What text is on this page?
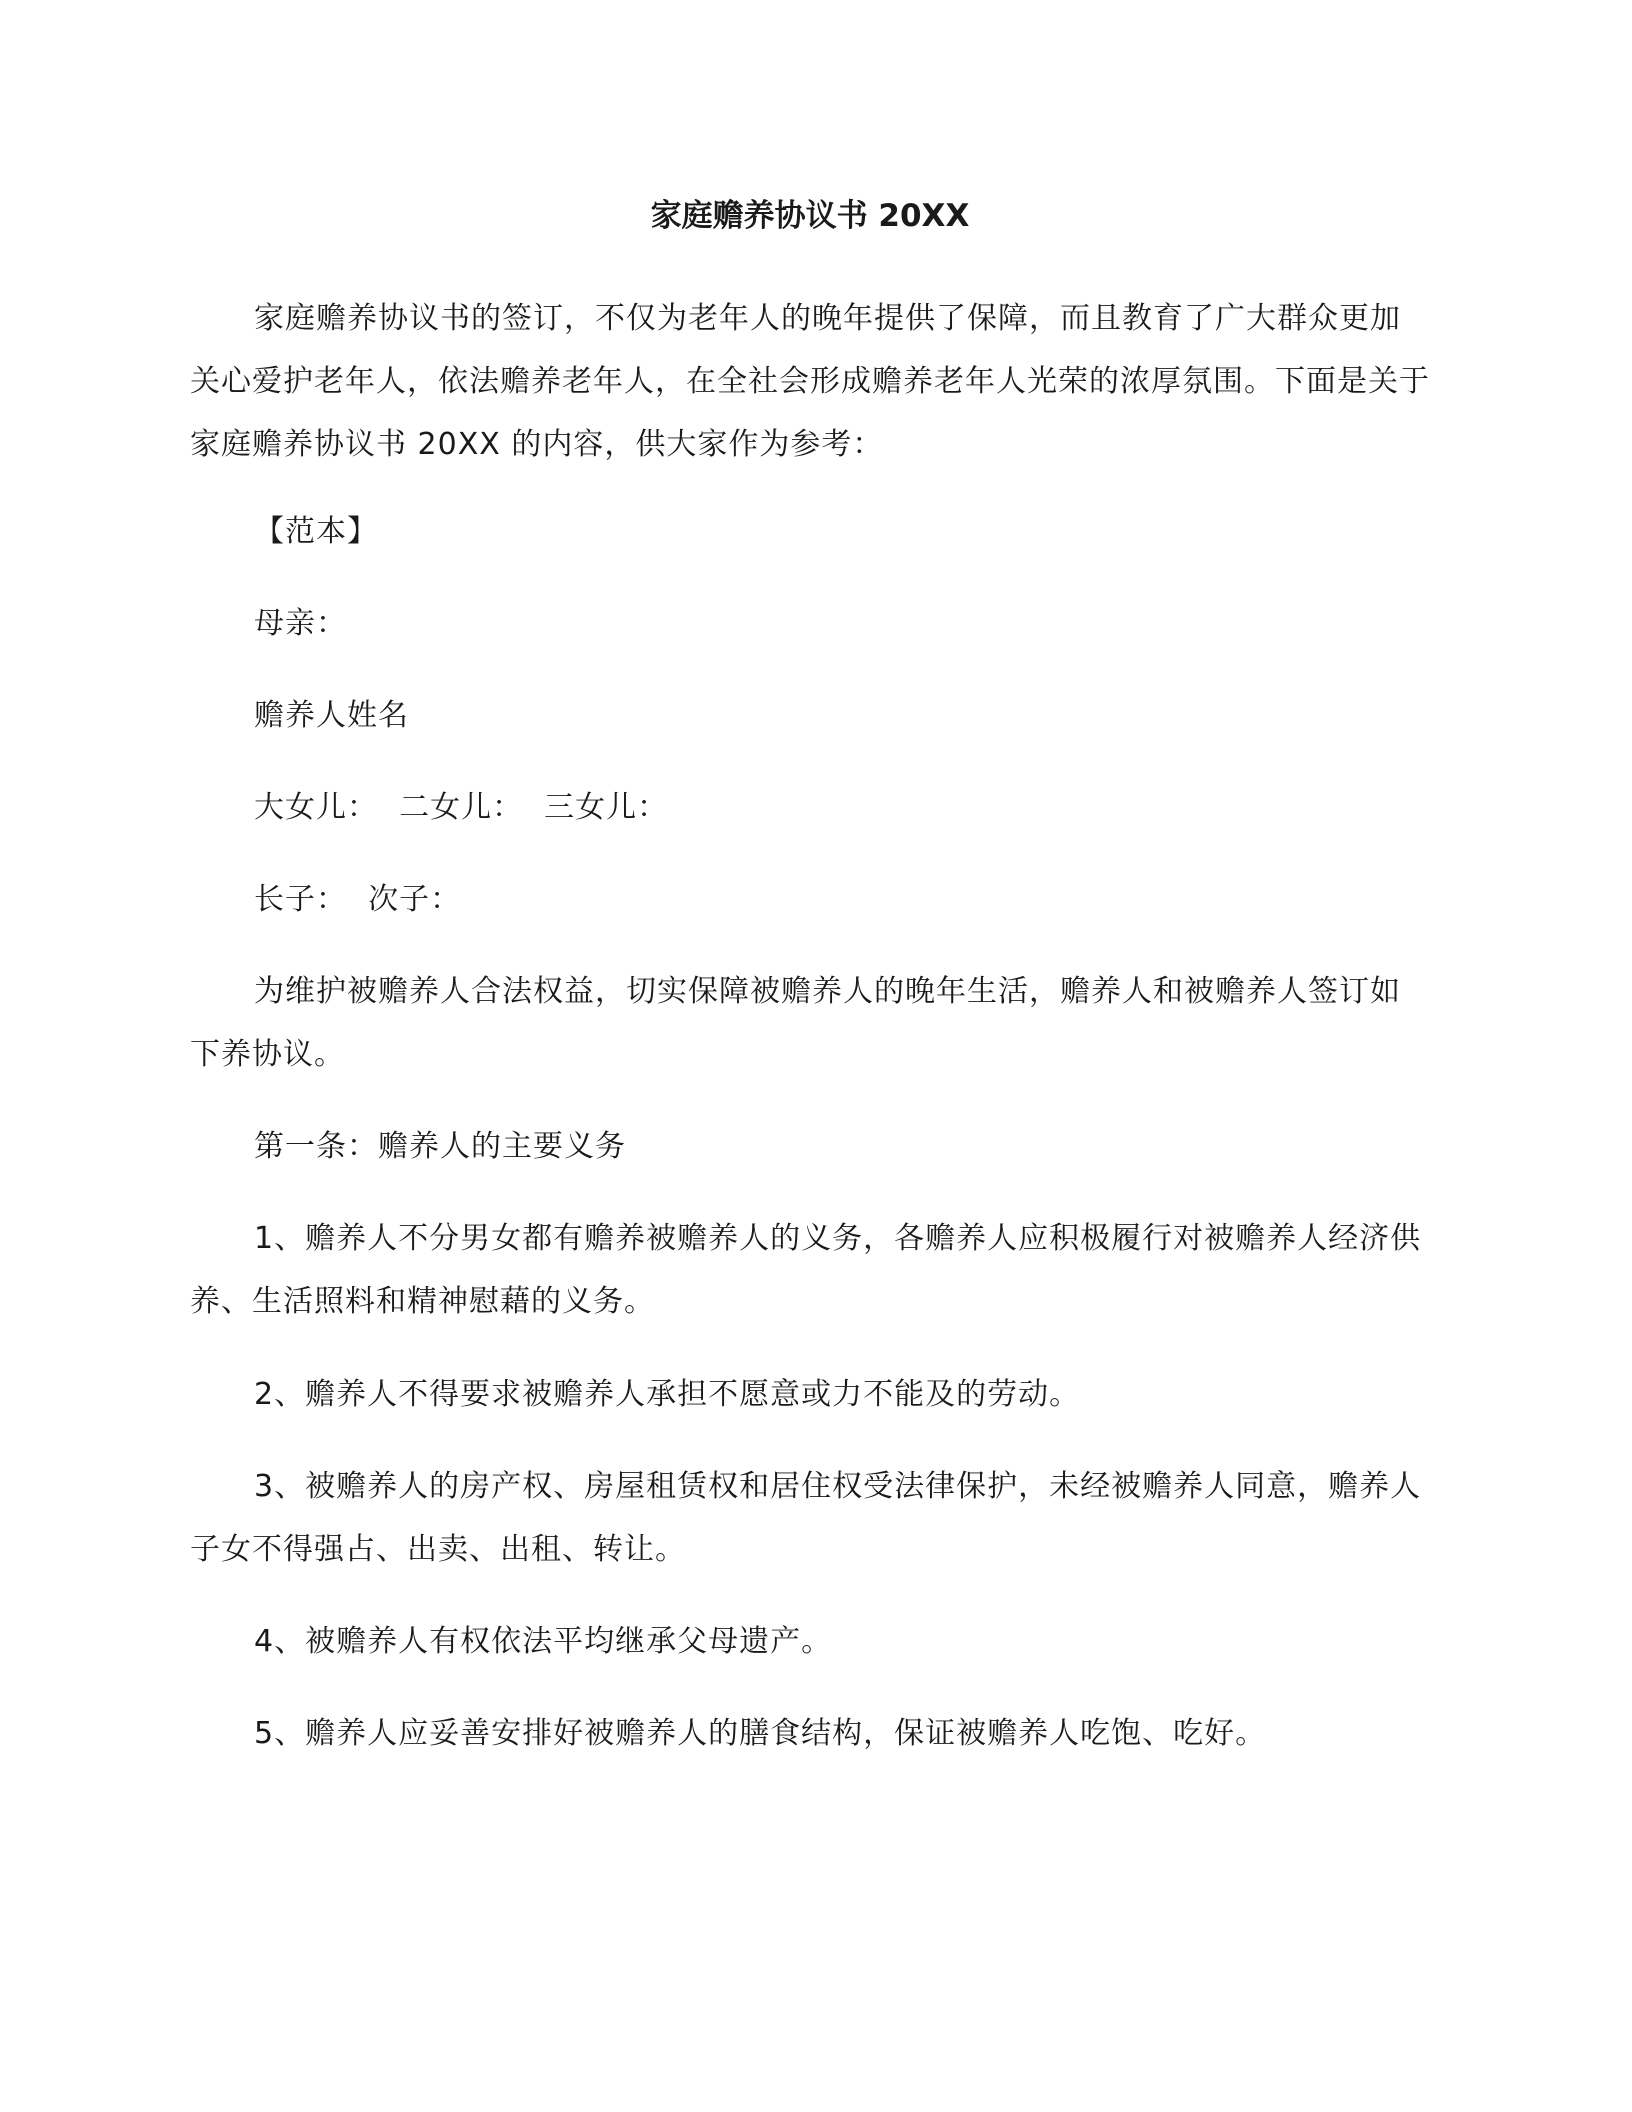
家庭赡养协议书 20XX

家庭赡养协议书的签订，不仅为老年人的晚年提供了保障，而且教育了广大群众更加关心爱护老年人，依法赡养老年人，在全社会形成赡养老年人光荣的浓厚氛围。下面是关于家庭赡养协议书 20XX 的内容，供大家作为参考：

【范本】

母亲：

赡养人姓名

大女儿：  二女儿：  三女儿：

长子：  次子：

为维护被赡养人合法权益，切实保障被赡养人的晚年生活，赡养人和被赡养人签订如下养协议。

第一条：赡养人的主要义务

1、赡养人不分男女都有赡养被赡养人的义务，各赡养人应积极履行对被赡养人经济供养、生活照料和精神慰藉的义务。

2、赡养人不得要求被赡养人承担不愿意或力不能及的劳动。

3、被赡养人的房产权、房屋租赁权和居住权受法律保护，未经被赡养人同意，赡养人子女不得强占、出卖、出租、转让。

4、被赡养人有权依法平均继承父母遗产。

5、赡养人应妥善安排好被赡养人的膳食结构，保证被赡养人吃饱、吃好。
